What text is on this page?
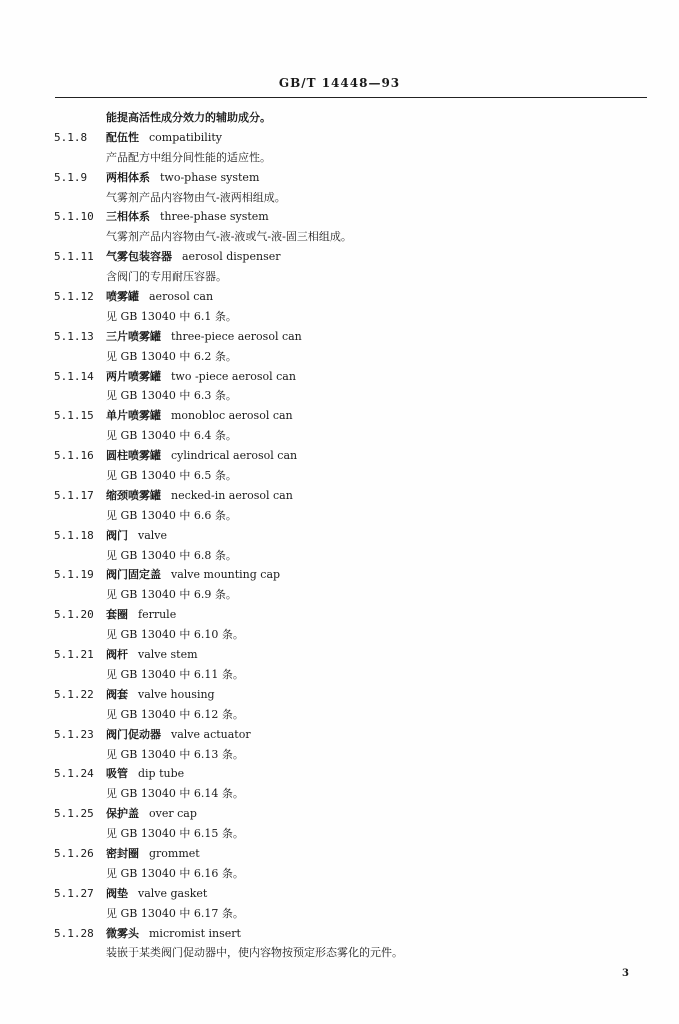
GB/T 14448—93
能提高活性成分效力的辅助成分。
5.1.8 配伍性 compatibility
产品配方中组分间性能的适应性。
5.1.9 两相体系 two-phase system
气雾剂产品内容物由气-液两相组成。
5.1.10 三相体系 three-phase system
气雾剂产品内容物由气-液-液或气-液-固三相组成。
5.1.11 气雾包装容器 aerosol dispenser
含阀门的专用耐压容器。
5.1.12 喷雾罐 aerosol can
见 GB 13040 中 6.1 条。
5.1.13 三片喷雾罐 three-piece aerosol can
见 GB 13040 中 6.2 条。
5.1.14 两片喷雾罐 two -piece aerosol can
见 GB 13040 中 6.3 条。
5.1.15 单片喷雾罐 monobloc aerosol can
见 GB 13040 中 6.4 条。
5.1.16 圆柱喷雾罐 cylindrical aerosol can
见 GB 13040 中 6.5 条。
5.1.17 缩颈喷雾罐 necked-in aerosol can
见 GB 13040 中 6.6 条。
5.1.18 阀门 valve
见 GB 13040 中 6.8 条。
5.1.19 阀门固定盖 valve mounting cap
见 GB 13040 中 6.9 条。
5.1.20 套圈 ferrule
见 GB 13040 中 6.10 条。
5.1.21 阀杆 valve stem
见 GB 13040 中 6.11 条。
5.1.22 阀套 valve housing
见 GB 13040 中 6.12 条。
5.1.23 阀门促动器 valve actuator
见 GB 13040 中 6.13 条。
5.1.24 吸管 dip tube
见 GB 13040 中 6.14 条。
5.1.25 保护盖 over cap
见 GB 13040 中 6.15 条。
5.1.26 密封圈 grommet
见 GB 13040 中 6.16 条。
5.1.27 阀垫 valve gasket
见 GB 13040 中 6.17 条。
5.1.28 微雾头 micromist insert
装嵌于某类阀门促动器中，使内容物按预定形态雾化的元件。
3
